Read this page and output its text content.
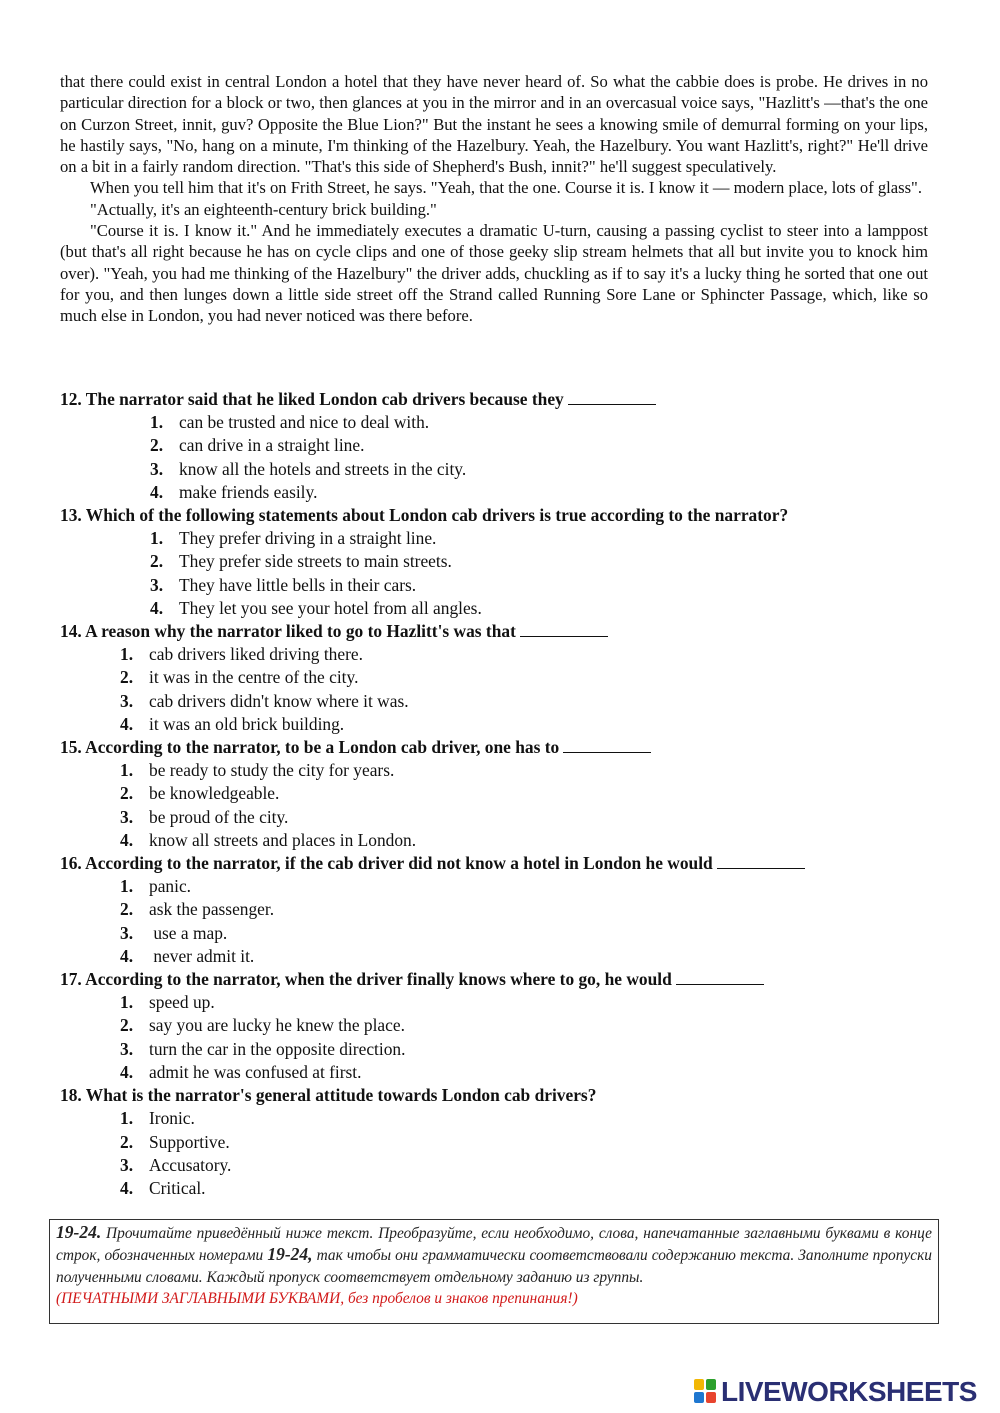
that there could exist in central London a hotel that they have never heard of. So what the cabbie does is probe. He drives in no particular direction for a block or two, then glances at you in the mirror and in an overcasual voice says, "Hazlitt's —that's the one on Curzon Street, innit, guv? Opposite the Blue Lion?" But the instant he sees a knowing smile of demurral forming on your lips, he hastily says, "No, hang on a minute, I'm thinking of the Hazelbury. Yeah, the Hazelbury. You want Hazlitt's, right?" He'll drive on a bit in a fairly random direction. "That's this side of Shepherd's Bush, innit?" he'll suggest speculatively.

When you tell him that it's on Frith Street, he says. "Yeah, that the one. Course it is. I know it — modern place, lots of glass".

"Actually, it's an eighteenth-century brick building."

"Course it is. I know it." And he immediately executes a dramatic U-turn, causing a passing cyclist to steer into a lamppost (but that's all right because he has on cycle clips and one of those geeky slip stream helmets that all but invite you to knock him over). "Yeah, you had me thinking of the Hazelbury" the driver adds, chuckling as if to say it's a lucky thing he sorted that one out for you, and then lunges down a little side street off the Strand called Running Sore Lane or Sphincter Passage, which, like so much else in London, you had never noticed was there before.

12. The narrator said that he liked London cab drivers because they
1. can be trusted and nice to deal with.
2. can drive in a straight line.
3. know all the hotels and streets in the city.
4. make friends easily.
13. Which of the following statements about London cab drivers is true according to the narrator?
1. They prefer driving in a straight line.
2. They prefer side streets to main streets.
3. They have little bells in their cars.
4. They let you see your hotel from all angles.
14. A reason why the narrator liked to go to Hazlitt's was that
1. cab drivers liked driving there.
2. it was in the centre of the city.
3. cab drivers didn't know where it was.
4. it was an old brick building.
15. According to the narrator, to be a London cab driver, one has to
1. be ready to study the city for years.
2. be knowledgeable.
3. be proud of the city.
4. know all streets and places in London.
16. According to the narrator, if the cab driver did not know a hotel in London he would
1. panic.
2. ask the passenger.
3. use a map.
4. never admit it.
17. According to the narrator, when the driver finally knows where to go, he would
1. speed up.
2. say you are lucky he knew the place.
3. turn the car in the opposite direction.
4. admit he was confused at first.
18. What is the narrator's general attitude towards London cab drivers?
1. Ironic.
2. Supportive.
3. Accusatory.
4. Critical.
19-24. Прочитайте приведённый ниже текст. Преобразуйте, если необходимо, слова, напечатанные заглавными буквами в конце строк, обозначенных номерами 19-24, так чтобы они грамматически соответствовали содержанию текста. Заполните пропуски полученными словами. Каждый пропуск соответствует отдельному заданию из группы.
(ПЕЧАТНЫМИ ЗАГЛАВНЫМИ БУКВАМИ, без пробелов и знаков препинания!)
LIVEWORKSHEETS
